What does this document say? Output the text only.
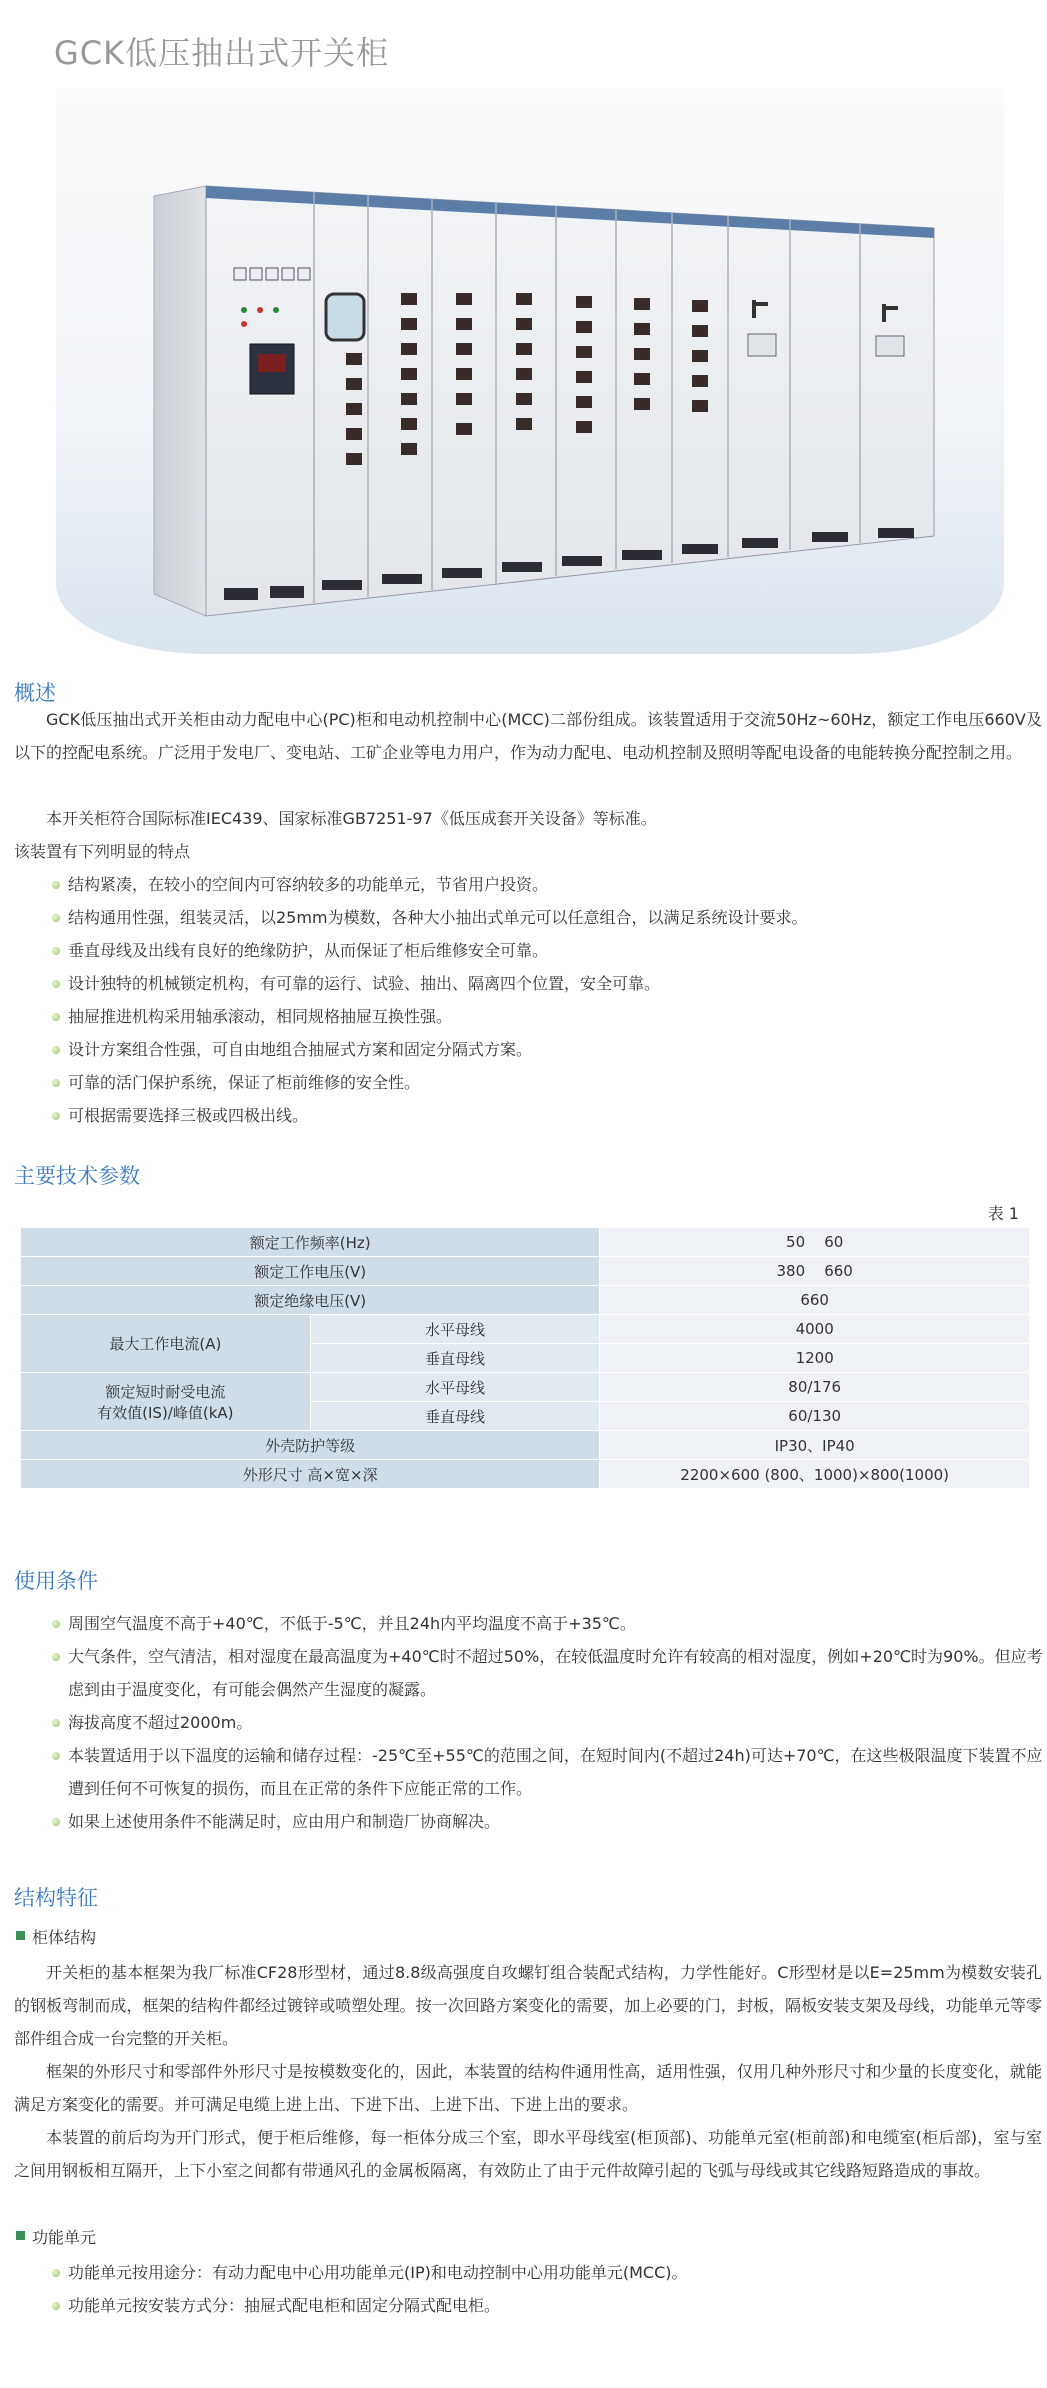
GCK低压抽出式开关柜
概述

GCK低压抽出式开关柜由动力配电中心(PC)柜和电动机控制中心(MCC)二部份组成。该装置适用于交流50Hz~60Hz，额定工作电压660V及以下的控配电系统。广泛用于发电厂、变电站、工矿企业等电力用户，作为动力配电、电动机控制及照明等配电设备的电能转换分配控制之用。

本开关柜符合国际标准IEC439、国家标准GB7251-97《低压成套开关设备》等标准。

该装置有下列明显的特点

结构紧凑，在较小的空间内可容纳较多的功能单元，节省用户投资。
结构通用性强，组装灵活，以25mm为模数，各种大小抽出式单元可以任意组合，以满足系统设计要求。
垂直母线及出线有良好的绝缘防护，从而保证了柜后维修安全可靠。
设计独特的机械锁定机构，有可靠的运行、试验、抽出、隔离四个位置，安全可靠。
抽屉推进机构采用轴承滚动，相同规格抽屉互换性强。
设计方案组合性强，可自由地组合抽屉式方案和固定分隔式方案。
可靠的活门保护系统，保证了柜前维修的安全性。
可根据需要选择三极或四极出线。
主要技术参数
表 1
额定工作频率(Hz)		50    60
额定工作电压(V)		380    660
额定绝缘电压(V)		660
最大工作电流(A)	水平母线	4000
	垂直母线	1200

额定短时耐受电流
有效值(IS)/峰值(kA)	水平母线	80/176
	垂直母线	60/130
外壳防护等级		IP30、IP40
外形尺寸 高×宽×深		2200×600 (800、1000)×800(1000)
使用条件
周围空气温度不高于+40℃，不低于-5℃，并且24h内平均温度不高于+35℃。
大气条件，空气清洁，相对湿度在最高温度为+40℃时不超过50%，在较低温度时允许有较高的相对湿度，例如+20℃时为90%。但应考虑到由于温度变化，有可能会偶然产生湿度的凝露。
海拔高度不超过2000m。
本装置适用于以下温度的运输和储存过程：-25℃至+55℃的范围之间，在短时间内(不超过24h)可达+70℃，在这些极限温度下装置不应遭到任何不可恢复的损伤，而且在正常的条件下应能正常的工作。
如果上述使用条件不能满足时，应由用户和制造厂协商解决。
结构特征
柜体结构

开关柜的基本框架为我厂标准CF28形型材，通过8.8级高强度自攻螺钉组合装配式结构，力学性能好。C形型材是以E=25mm为模数安装孔的钢板弯制而成，框架的结构件都经过镀锌或喷塑处理。按一次回路方案变化的需要，加上必要的门，封板，隔板安装支架及母线，功能单元等零部件组合成一台完整的开关柜。

框架的外形尺寸和零部件外形尺寸是按模数变化的，因此，本装置的结构件通用性高，适用性强，仅用几种外形尺寸和少量的长度变化，就能满足方案变化的需要。并可满足电缆上进上出、下进下出、上进下出、下进上出的要求。

本装置的前后均为开门形式，便于柜后维修，每一柜体分成三个室，即水平母线室(柜顶部)、功能单元室(柜前部)和电缆室(柜后部)，室与室之间用钢板相互隔开，上下小室之间都有带通风孔的金属板隔离，有效防止了由于元件故障引起的飞弧与母线或其它线路短路造成的事故。

功能单元
功能单元按用途分：有动力配电中心用功能单元(IP)和电动控制中心用功能单元(MCC)。
功能单元按安装方式分：抽屉式配电柜和固定分隔式配电柜。
